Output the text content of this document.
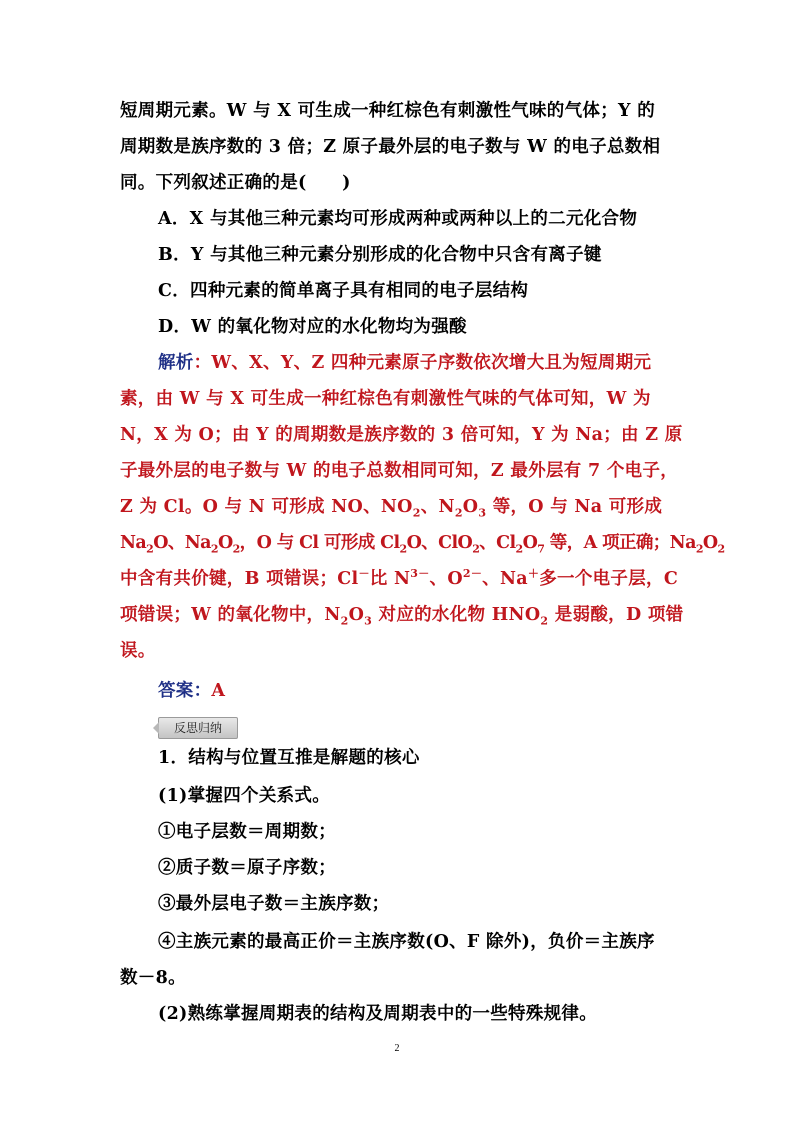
短周期元素。W 与 X 可生成一种红棕色有刺激性气味的气体；Y 的
周期数是族序数的 3 倍；Z 原子最外层的电子数与 W 的电子总数相
同。下列叙述正确的是(　　)
A．X 与其他三种元素均可形成两种或两种以上的二元化合物
B．Y 与其他三种元素分别形成的化合物中只含有离子键
C．四种元素的简单离子具有相同的电子层结构
D．W 的氧化物对应的水化物均为强酸
解析：W、X、Y、Z 四种元素原子序数依次增大且为短周期元
素，由 W 与 X 可生成一种红棕色有刺激性气味的气体可知，W 为
N，X 为 O；由 Y 的周期数是族序数的 3 倍可知，Y 为 Na；由 Z 原
子最外层的电子数与 W 的电子总数相同可知，Z 最外层有 7 个电子，
Z 为 Cl。O 与 N 可形成 NO、$NO_2$、$N_2O_3$ 等，O 与 Na 可形成
$Na_2O$、$Na_2O_2$，O 与 Cl 可形成 $Cl_2O$、ClO$_2$、$Cl_2O_7$ 等，A 项正确；$Na_2O_2$
中含有共价键，B 项错误；Cl－比 $N^{3-}$、$O^{2-}$、Na＋多一个电子层，C
项错误；W 的氧化物中，$N_2O_3$ 对应的水化物 $HNO_2$ 是弱酸，D 项错
误。
答案：A
反思归纳
1．结构与位置互推是解题的核心
(1)掌握四个关系式。
①电子层数＝周期数；
②质子数＝原子序数；
③最外层电子数＝主族序数；
④主族元素的最高正价＝主族序数(O、F 除外)，负价＝主族序
数－8。
(2)熟练掌握周期表的结构及周期表中的一些特殊规律。
2
